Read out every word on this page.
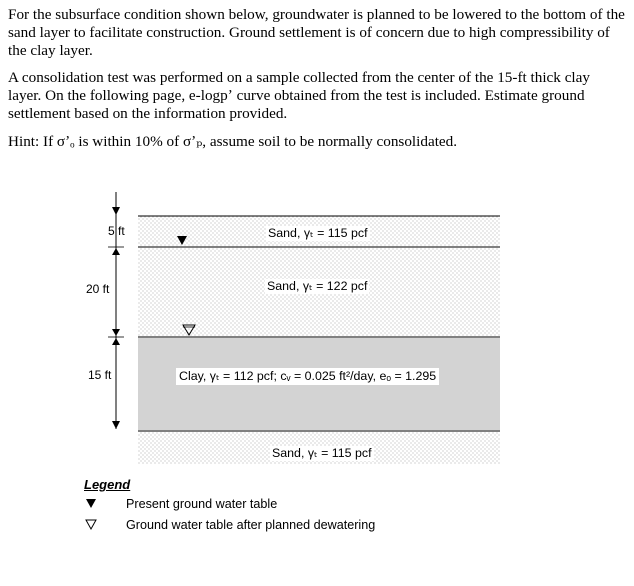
For the subsurface condition shown below, groundwater is planned to be lowered to the bottom of the sand layer to facilitate construction. Ground settlement is of concern due to high compressibility of the clay layer.
A consolidation test was performed on a sample collected from the center of the 15-ft thick clay layer. On the following page, e-logpʼ curve obtained from the test is included. Estimate ground settlement based on the information provided.
Hint: If σʼₒ is within 10% of σʼₚ, assume soil to be normally consolidated.
5 ft
20 ft
15 ft
Sand, γₜ = 115 pcf
Sand, γₜ = 122 pcf
Clay, γₜ = 112 pcf; cᵥ = 0.025 ft²/day, eₒ = 1.295
Sand, γₜ = 115 pcf
Legend
Present ground water table
Ground water table after planned dewatering
